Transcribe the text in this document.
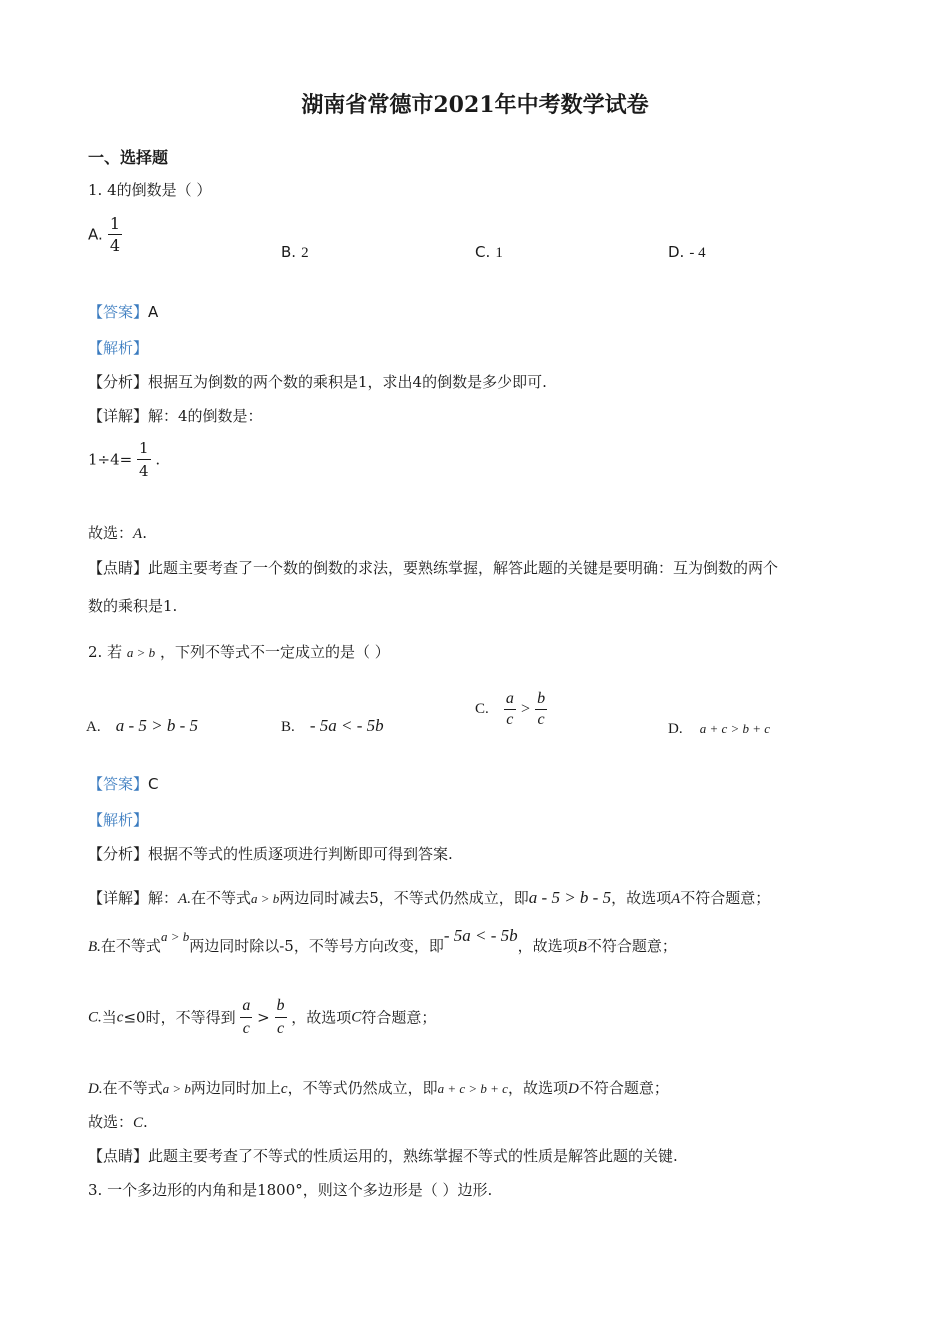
湖南省常德市2021年中考数学试卷
一、选择题
1. 4的倒数是（ ）
A. $\frac{1}{4}$	B. 2	C. 1	D. - 4
【答案】A
【解析】
【分析】根据互为倒数的两个数的乘积是1，求出4的倒数是多少即可.
【详解】解：4的倒数是：
$1\div 4= \frac{1}{4}$ .
故选：A.
【点睛】此题主要考查了一个数的倒数的求法，要熟练掌握，解答此题的关键是要明确：互为倒数的两个
数的乘积是1.
2. 若 a > b ，下列不等式不一定成立的是（ ）
A. a - 5 > b - 5	B. - 5a < - 5b
C. $\frac{a}{c} > \frac{b}{c}$	D. a + c > b + c
【答案】C
【解析】
【分析】根据不等式的性质逐项进行判断即可得到答案.
【详解】解：A.在不等式a > b两边同时减去5，不等式仍然成立，即a - 5 > b - 5，故选项A不符合题意；
B.在不等式a > b两边同时除以-5，不等号方向改变，即- 5a < - 5b，故选项B不符合题意；
C.当c≤0时，不等得到 $\frac{a}{c} > \frac{b}{c}$ ，故选项C符合题意；
D.在不等式a > b两边同时加上c，不等式仍然成立，即a + c > b + c，故选项D不符合题意；
故选：C.
【点睛】此题主要考查了不等式的性质运用的，熟练掌握不等式的性质是解答此题的关键.
3. 一个多边形的内角和是1800°，则这个多边形是（ ）边形.
